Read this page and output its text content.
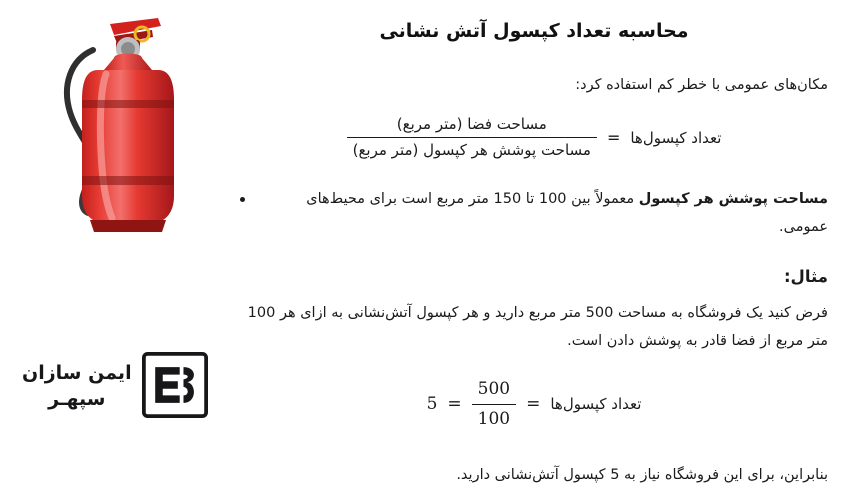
ایمن سازان
سپهـر
محاسبه تعداد کپسول آتش نشانی

مکان‌های عمومی با خطر کم استفاده کرد:

تعداد کپسول‌ها
=
$\frac{\text{مساحت فضا (متر مربع)}}{\text{مساحت پوشش هر کپسول (متر مربع)}}$
مساحت پوشش هر کپسول معمولاً بین 100 تا 150 متر مربع است برای محیط‌های عمومی.
مثال:

فرض کنید یک فروشگاه به مساحت 500 متر مربع دارید و هر کپسول آتش‌نشانی به ازای هر 100 متر مربع از فضا قادر به پوشش دادن است.

تعداد کپسول‌ها
=
$\frac{500}{100}$
=
5

بنابراین، برای این فروشگاه نیاز به 5 کپسول آتش‌نشانی دارید.
